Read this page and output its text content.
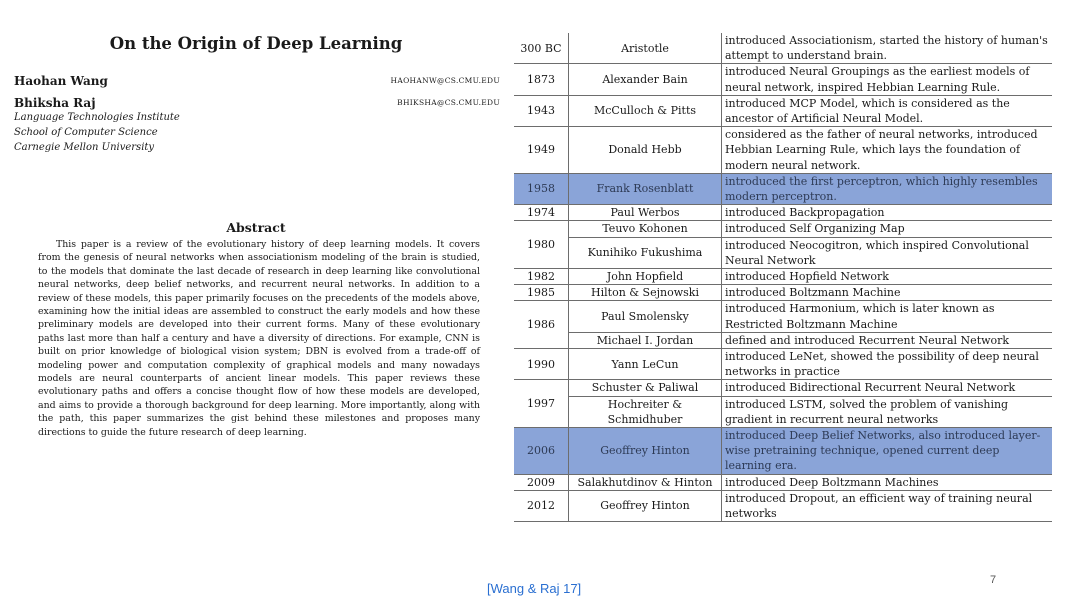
On the Origin of Deep Learning
Haohan Wang	HAOHANW@CS.CMU.EDU
Bhiksha Raj	BHIKSHA@CS.CMU.EDU
Language Technologies Institute
School of Computer Science
Carnegie Mellon University
Abstract

This paper is a review of the evolutionary history of deep learning models. It covers from the genesis of neural networks when associationism modeling of the brain is studied, to the models that dominate the last decade of research in deep learning like convolutional neural networks, deep belief networks, and recurrent neural networks. In addition to a review of these models, this paper primarily focuses on the precedents of the models above, examining how the initial ideas are assembled to construct the early models and how these preliminary models are developed into their current forms. Many of these evolutionary paths last more than half a century and have a diversity of directions. For example, CNN is built on prior knowledge of biological vision system; DBN is evolved from a trade-off of modeling power and computation complexity of graphical models and many nowadays models are neural counterparts of ancient linear models. This paper reviews these evolutionary paths and offers a concise thought flow of how these models are developed, and aims to provide a thorough background for deep learning. More importantly, along with the path, this paper summarizes the gist behind these milestones and proposes many directions to guide the future research of deep learning.

300 BC	Aristotle	introduced Associationism, started the history of human's attempt to understand brain.
1873	Alexander Bain	introduced Neural Groupings as the earliest models of neural network, inspired Hebbian Learning Rule.
1943	McCulloch & Pitts	introduced MCP Model, which is considered as the ancestor of Artificial Neural Model.
1949	Donald Hebb	considered as the father of neural networks, introduced Hebbian Learning Rule, which lays the foundation of modern neural network.
1958	Frank Rosenblatt	introduced the first perceptron, which highly resembles modern perceptron.
1974	Paul Werbos	introduced Backpropagation
1980	Teuvo Kohonen	introduced Self Organizing Map
	Kunihiko Fukushima	introduced Neocogitron, which inspired Convolutional Neural Network
1982	John Hopfield	introduced Hopfield Network
1985	Hilton & Sejnowski	introduced Boltzmann Machine
1986	Paul Smolensky	introduced Harmonium, which is later known as Restricted Boltzmann Machine
	Michael I. Jordan	defined and introduced Recurrent Neural Network
1990	Yann LeCun	introduced LeNet, showed the possibility of deep neural networks in practice
1997	Schuster & Paliwal	introduced Bidirectional Recurrent Neural Network
	Hochreiter & Schmidhuber	introduced LSTM, solved the problem of vanishing gradient in recurrent neural networks
2006	Geoffrey Hinton	introduced Deep Belief Networks, also introduced layer-wise pretraining technique, opened current deep learning era.
2009	Salakhutdinov & Hinton	introduced Deep Boltzmann Machines
2012	Geoffrey Hinton	introduced Dropout, an efficient way of training neural networks
7
[Wang & Raj 17]
